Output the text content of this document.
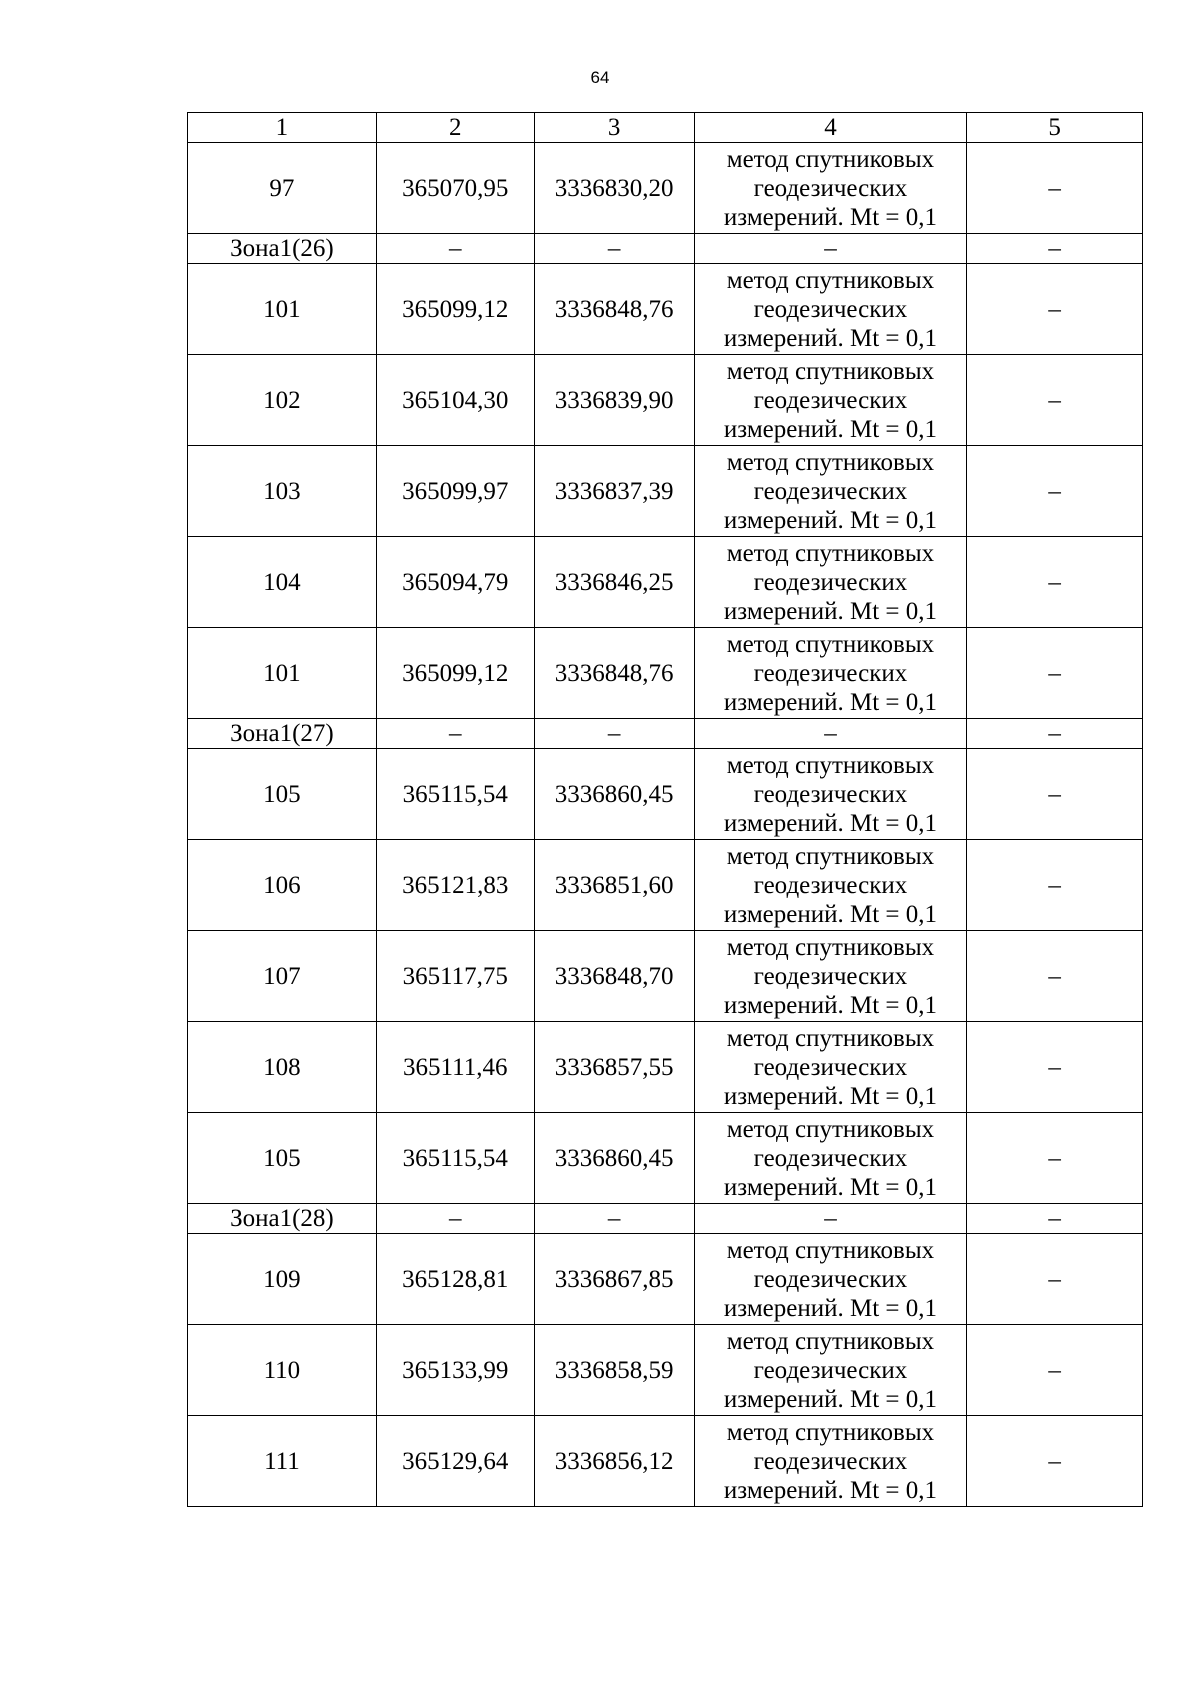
64
1	2	3	4	5
97	365070,95	3336830,20	метод спутниковых
геодезических
измерений. Mt = 0,1	–
Зона1(26)	–	–	–	–
101	365099,12	3336848,76	метод спутниковых
геодезических
измерений. Mt = 0,1	–
102	365104,30	3336839,90	метод спутниковых
геодезических
измерений. Mt = 0,1	–
103	365099,97	3336837,39	метод спутниковых
геодезических
измерений. Mt = 0,1	–
104	365094,79	3336846,25	метод спутниковых
геодезических
измерений. Mt = 0,1	–
101	365099,12	3336848,76	метод спутниковых
геодезических
измерений. Mt = 0,1	–
Зона1(27)	–	–	–	–
105	365115,54	3336860,45	метод спутниковых
геодезических
измерений. Mt = 0,1	–
106	365121,83	3336851,60	метод спутниковых
геодезических
измерений. Mt = 0,1	–
107	365117,75	3336848,70	метод спутниковых
геодезических
измерений. Mt = 0,1	–
108	365111,46	3336857,55	метод спутниковых
геодезических
измерений. Mt = 0,1	–
105	365115,54	3336860,45	метод спутниковых
геодезических
измерений. Mt = 0,1	–
Зона1(28)	–	–	–	–
109	365128,81	3336867,85	метод спутниковых
геодезических
измерений. Mt = 0,1	–
110	365133,99	3336858,59	метод спутниковых
геодезических
измерений. Mt = 0,1	–
111	365129,64	3336856,12	метод спутниковых
геодезических
измерений. Mt = 0,1	–
